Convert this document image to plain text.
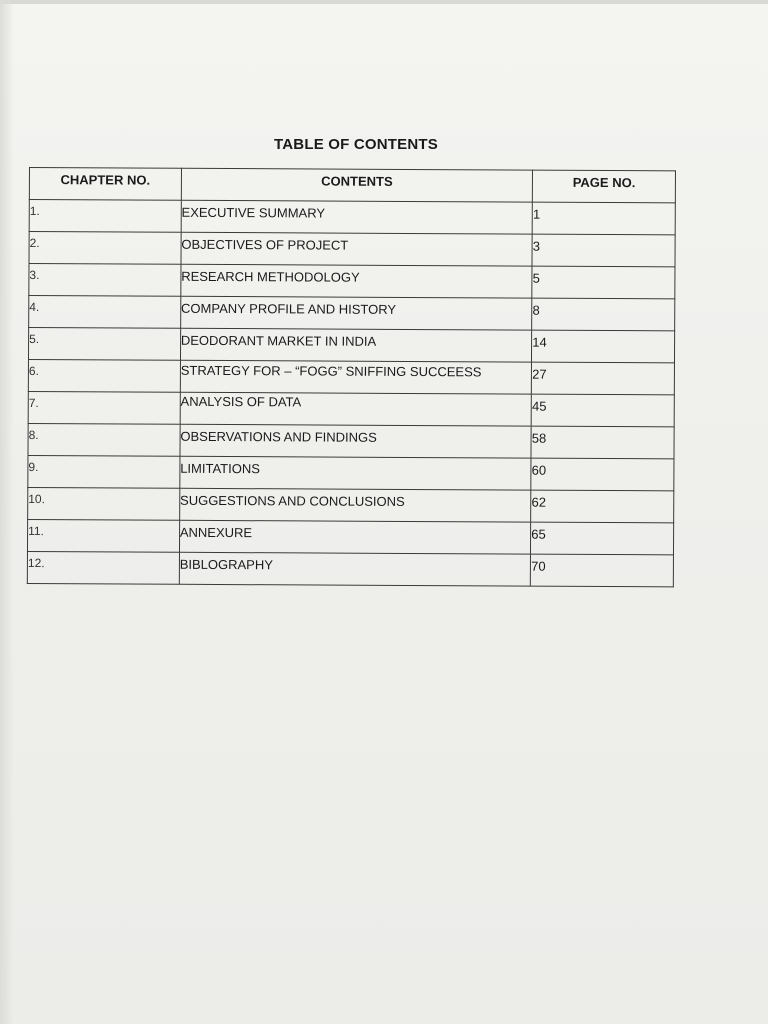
TABLE OF CONTENTS
CHAPTER NO.	CONTENTS	PAGE NO.
1.	EXECUTIVE SUMMARY	1
2.	OBJECTIVES OF PROJECT	3
3.	RESEARCH METHODOLOGY	5
4.	COMPANY PROFILE AND HISTORY	8
5.	DEODORANT MARKET IN INDIA	14
6.	STRATEGY FOR – “FOGG” SNIFFING SUCCEESS	27
7.	ANALYSIS OF DATA	45
8.	OBSERVATIONS AND FINDINGS	58
9.	LIMITATIONS	60
10.	SUGGESTIONS AND CONCLUSIONS	62
11.	ANNEXURE	65
12.	BIBLOGRAPHY	70
